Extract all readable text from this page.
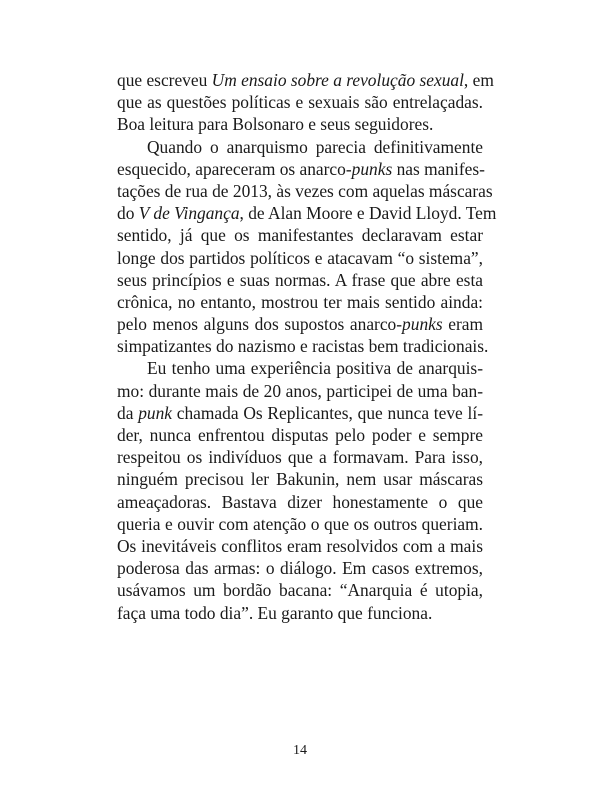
que escreveu Um ensaio sobre a revolução sexual, em
que as questões políticas e sexuais são entrelaçadas.
Boa leitura para Bolsonaro e seus seguidores.
Quando o anarquismo parecia definitivamente
esquecido, apareceram os anarco-punks nas manifes-
tações de rua de 2013, às vezes com aquelas máscaras
do V de Vingança, de Alan Moore e David Lloyd. Tem
sentido, já que os manifestantes declaravam estar
longe dos partidos políticos e atacavam “o sistema”,
seus princípios e suas normas. A frase que abre esta
crônica, no entanto, mostrou ter mais sentido ainda:
pelo menos alguns dos supostos anarco-punks eram
simpatizantes do nazismo e racistas bem tradicionais.
Eu tenho uma experiência positiva de anarquis-
mo: durante mais de 20 anos, participei de uma ban-
da punk chamada Os Replicantes, que nunca teve lí-
der, nunca enfrentou disputas pelo poder e sempre
respeitou os indivíduos que a formavam. Para isso,
ninguém precisou ler Bakunin, nem usar máscaras
ameaçadoras. Bastava dizer honestamente o que
queria e ouvir com atenção o que os outros queriam.
Os inevitáveis conflitos eram resolvidos com a mais
poderosa das armas: o diálogo. Em casos extremos,
usávamos um bordão bacana: “Anarquia é utopia,
faça uma todo dia”. Eu garanto que funciona.
14
